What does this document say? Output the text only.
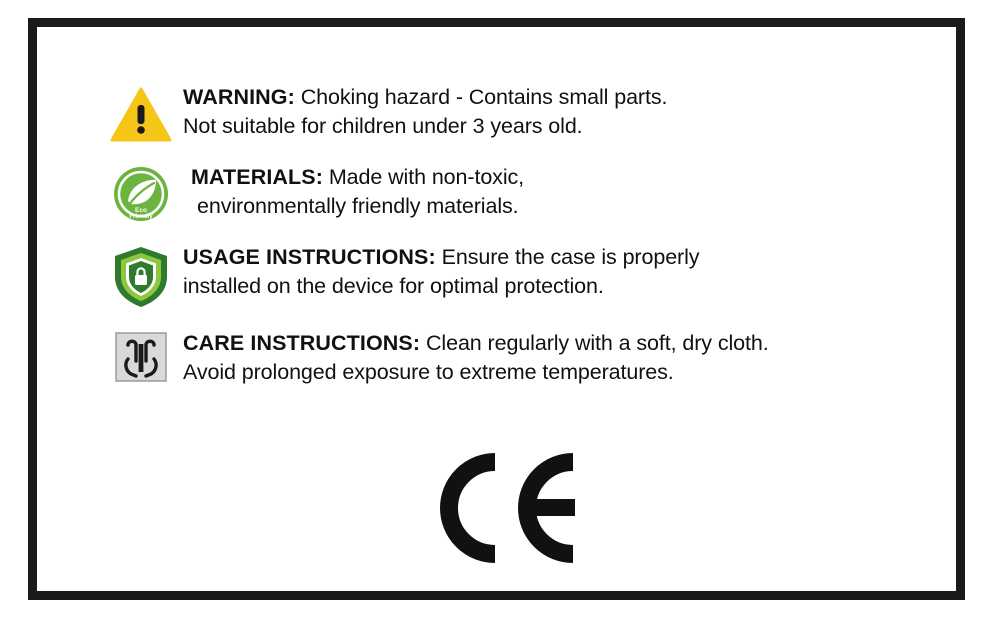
WARNING: Choking hazard - Contains small parts.
Not suitable for children under 3 years old.
Eco
Friendly
MATERIALS: Made with non-toxic,
environmentally friendly materials.
USAGE INSTRUCTIONS: Ensure the case is properly
installed on the device for optimal protection.
CARE INSTRUCTIONS: Clean regularly with a soft, dry cloth.
Avoid prolonged exposure to extreme temperatures.
